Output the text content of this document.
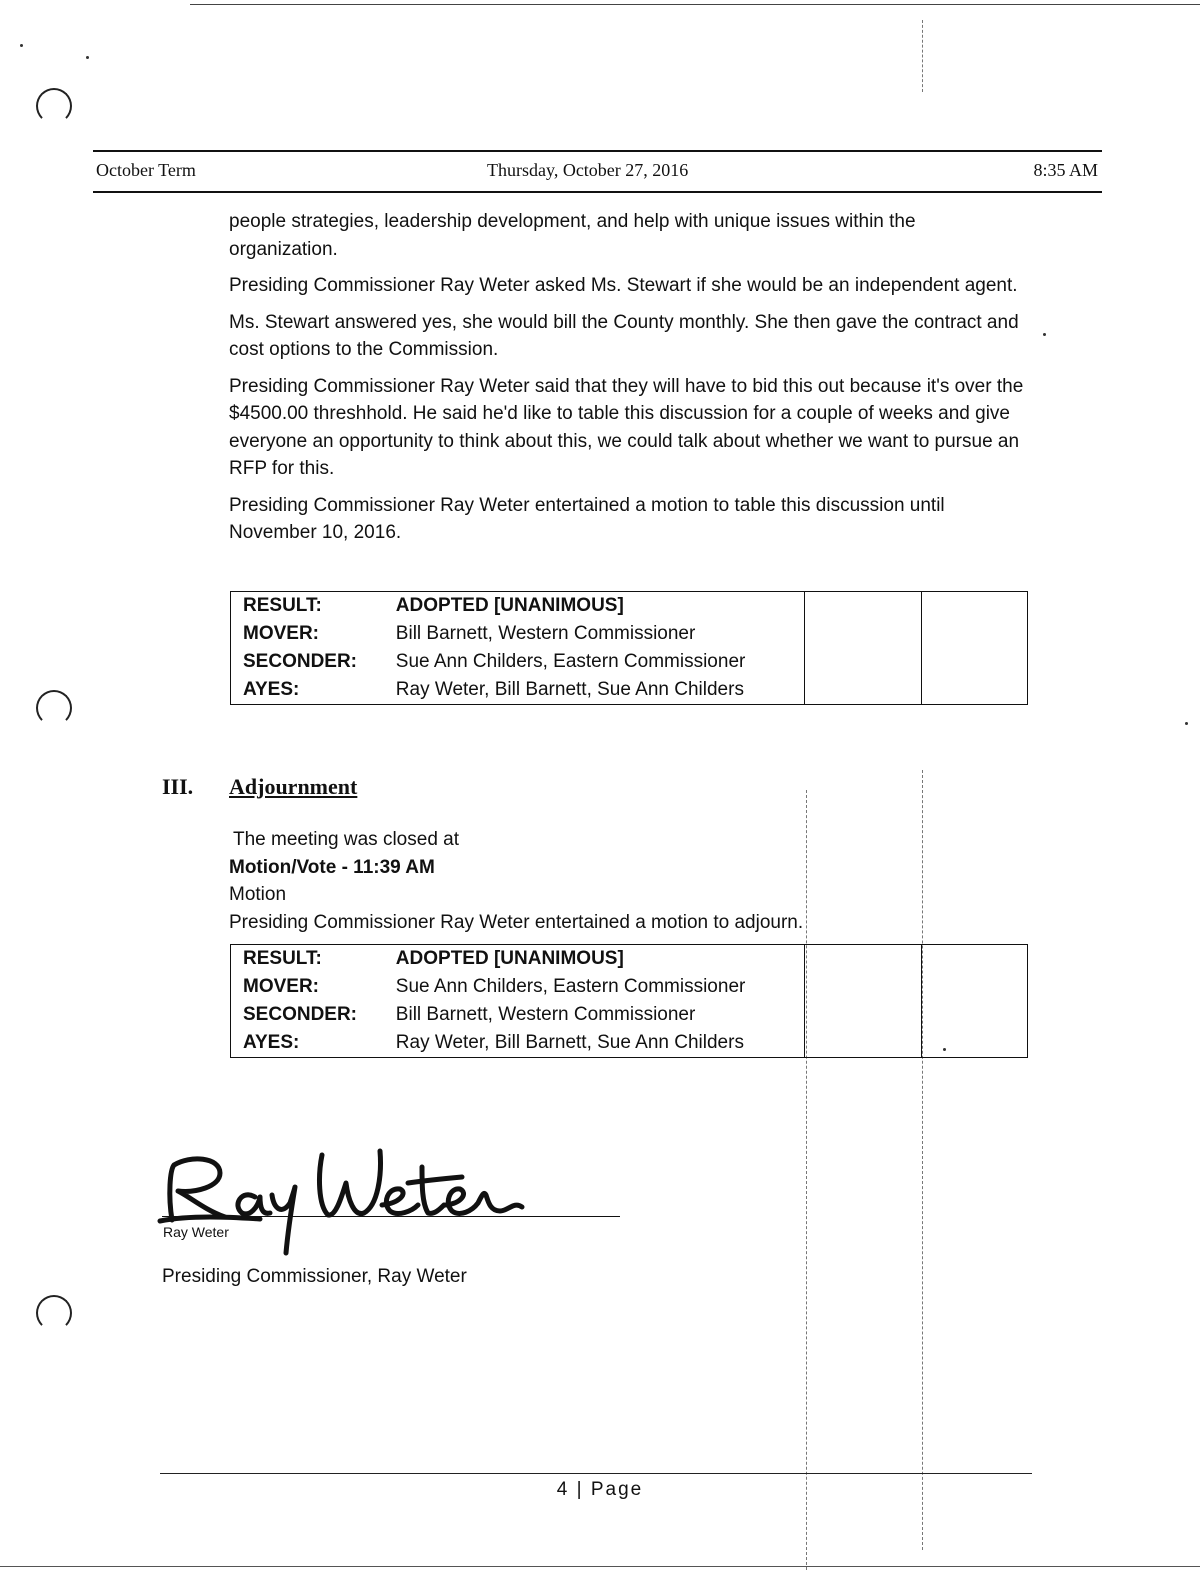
October Term	Thursday, October 27, 2016	8:35 AM

people strategies, leadership development, and help with unique issues within the organization.

Presiding Commissioner Ray Weter asked Ms. Stewart if she would be an independent agent.

Ms. Stewart answered yes, she would bill the County monthly. She then gave the contract and cost options to the Commission.

Presiding Commissioner Ray Weter said that they will have to bid this out because it's over the $4500.00 threshhold. He said he'd like to table this discussion for a couple of weeks and give everyone an opportunity to think about this, we could talk about whether we want to pursue an RFP for this.

Presiding Commissioner Ray Weter entertained a motion to table this discussion until November 10, 2016.

RESULT:	ADOPTED [UNANIMOUS]		
MOVER:	Bill Barnett, Western Commissioner		
SECONDER:	Sue Ann Childers, Eastern Commissioner		
AYES:	Ray Weter, Bill Barnett, Sue Ann Childers		
III. Adjournment
The meeting was closed at
Motion/Vote - 11:39 AM
Motion
Presiding Commissioner Ray Weter entertained a motion to adjourn.
RESULT:	ADOPTED [UNANIMOUS]		
MOVER:	Sue Ann Childers, Eastern Commissioner		
SECONDER:	Bill Barnett, Western Commissioner		
AYES:	Ray Weter, Bill Barnett, Sue Ann Childers		
Ray Weter
Presiding Commissioner, Ray Weter
4 | Page
